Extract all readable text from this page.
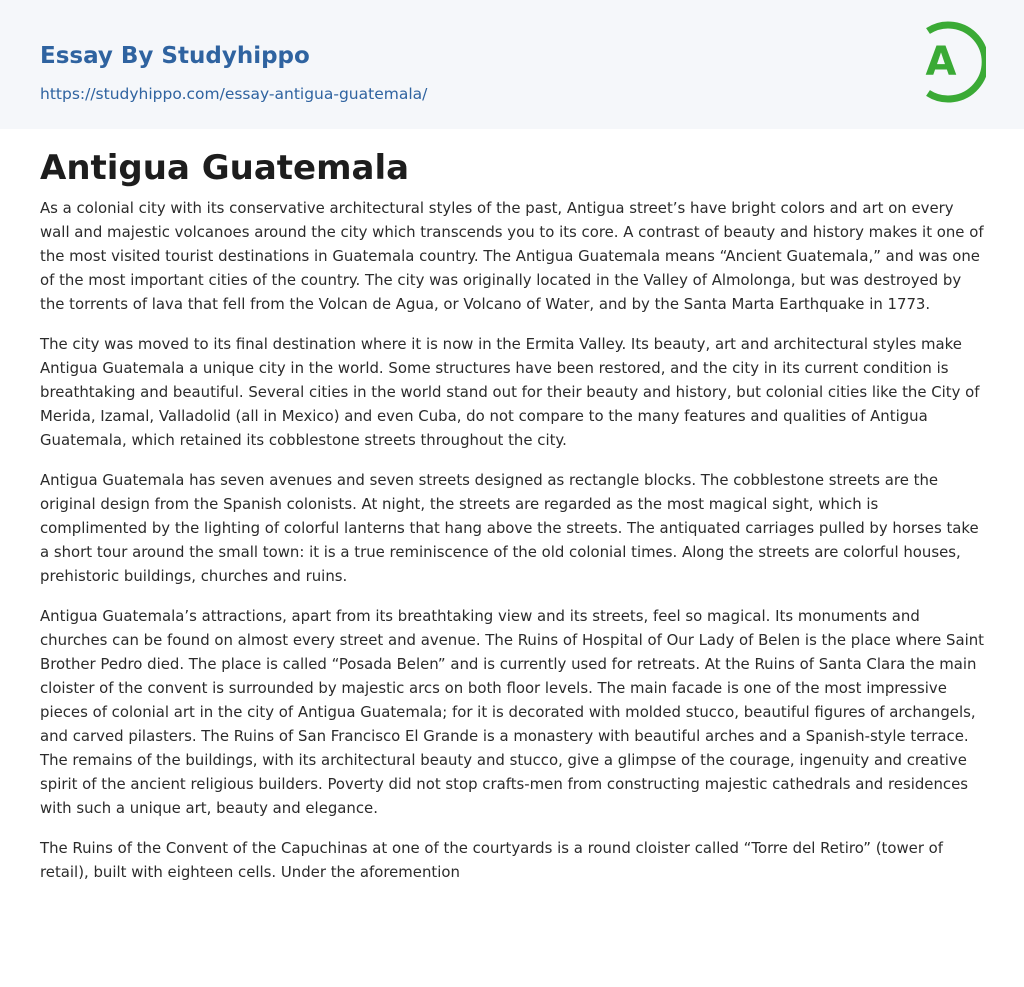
Essay By Studyhippo
https://studyhippo.com/essay-antigua-guatemala/
A
Antigua Guatemala

As a colonial city with its conservative architectural styles of the past, Antigua street’s have bright colors and art on every wall and majestic volcanoes around the city which transcends you to its core. A contrast of beauty and history makes it one of the most visited tourist destinations in Guatemala country. The Antigua Guatemala means “Ancient Guatemala,” and was one of the most important cities of the country. The city was originally located in the Valley of Almolonga, but was destroyed by the torrents of lava that fell from the Volcan de Agua, or Volcano of Water, and by the Santa Marta Earthquake in 1773.

The city was moved to its final destination where it is now in the Ermita Valley. Its beauty, art and architectural styles make Antigua Guatemala a unique city in the world. Some structures have been restored, and the city in its current condition is breathtaking and beautiful. Several cities in the world stand out for their beauty and history, but colonial cities like the City of Merida, Izamal, Valladolid (all in Mexico) and even Cuba, do not compare to the many features and qualities of Antigua Guatemala, which retained its cobblestone streets throughout the city.

Antigua Guatemala has seven avenues and seven streets designed as rectangle blocks. The cobblestone streets are the original design from the Spanish colonists. At night, the streets are regarded as the most magical sight, which is complimented by the lighting of colorful lanterns that hang above the streets. The antiquated carriages pulled by horses take a short tour around the small town: it is a true reminiscence of the old colonial times. Along the streets are colorful houses, prehistoric buildings, churches and ruins.

Antigua Guatemala’s attractions, apart from its breathtaking view and its streets, feel so magical. Its monuments and churches can be found on almost every street and avenue. The Ruins of Hospital of Our Lady of Belen is the place where Saint Brother Pedro died. The place is called “Posada Belen” and is currently used for retreats. At the Ruins of Santa Clara the main cloister of the convent is surrounded by majestic arcs on both floor levels. The main facade is one of the most impressive pieces of colonial art in the city of Antigua Guatemala; for it is decorated with molded stucco, beautiful figures of archangels, and carved pilasters. The Ruins of San Francisco El Grande is a monastery with beautiful arches and a Spanish-style terrace. The remains of the buildings, with its architectural beauty and stucco, give a glimpse of the courage, ingenuity and creative spirit of the ancient religious builders. Poverty did not stop crafts-men from constructing majestic cathedrals and residences with such a unique art, beauty and elegance.

The Ruins of the Convent of the Capuchinas at one of the courtyards is a round cloister called “Torre del Retiro” (tower of retail), built with eighteen cells. Under the aforemention
